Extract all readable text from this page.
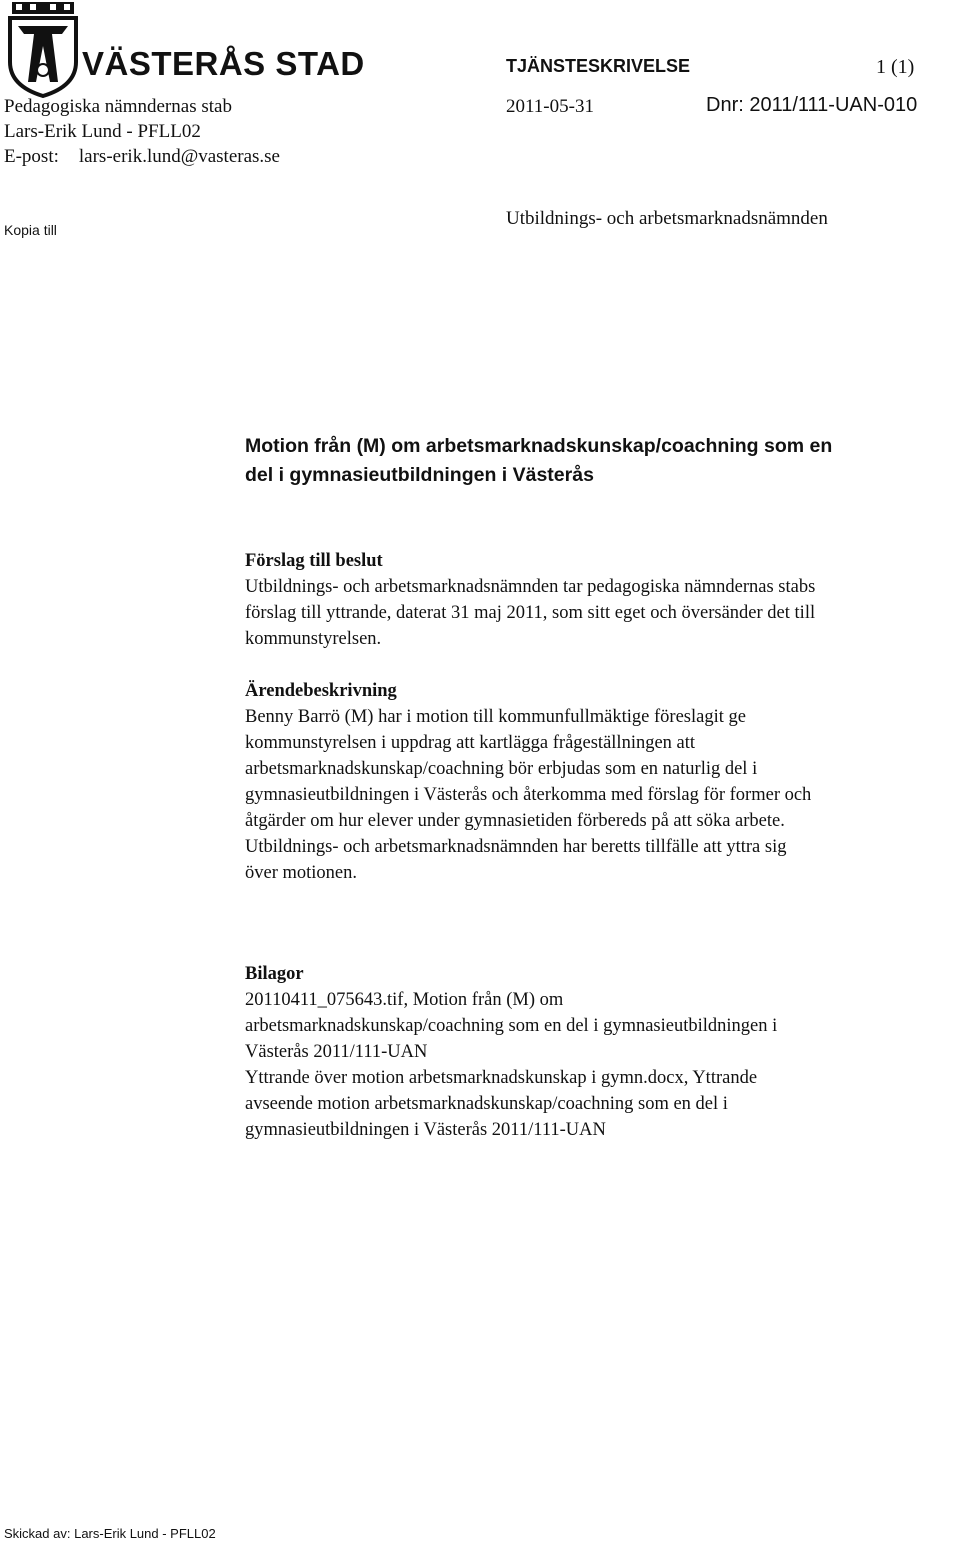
VÄSTERÅS STAD	TJÄNSTESKRIVELSE	1 (1)
Pedagogiska nämndernas stab
Lars-Erik Lund - PFLL02
E-post: lars-erik.lund@vasteras.se
2011-05-31	Dnr: 2011/111-UAN-010
Kopia till
Utbildnings- och arbetsmarknadsnämnden
Motion från (M) om arbetsmarknadskunskap/coachning som en
del i gymnasieutbildningen i Västerås
Förslag till beslut
Utbildnings- och arbetsmarknadsnämnden tar pedagogiska nämndernas stabs
förslag till yttrande, daterat 31 maj 2011, som sitt eget och översänder det till
kommunstyrelsen.
Ärendebeskrivning
Benny Barrö (M) har i motion till kommunfullmäktige föreslagit ge
kommunstyrelsen i uppdrag att kartlägga frågeställningen att
arbetsmarknadskunskap/coachning bör erbjudas som en naturlig del i
gymnasieutbildningen i Västerås och återkomma med förslag för former och
åtgärder om hur elever under gymnasietiden förbereds på att söka arbete.
Utbildnings- och arbetsmarknadsnämnden har beretts tillfälle att yttra sig
över motionen.
Bilagor
20110411_075643.tif, Motion från (M) om
arbetsmarknadskunskap/coachning som en del i gymnasieutbildningen i
Västerås 2011/111-UAN
Yttrande över motion arbetsmarknadskunskap i gymn.docx, Yttrande
avseende motion arbetsmarknadskunskap/coachning som en del i
gymnasieutbildningen i Västerås 2011/111-UAN
Skickad av: Lars-Erik Lund - PFLL02
